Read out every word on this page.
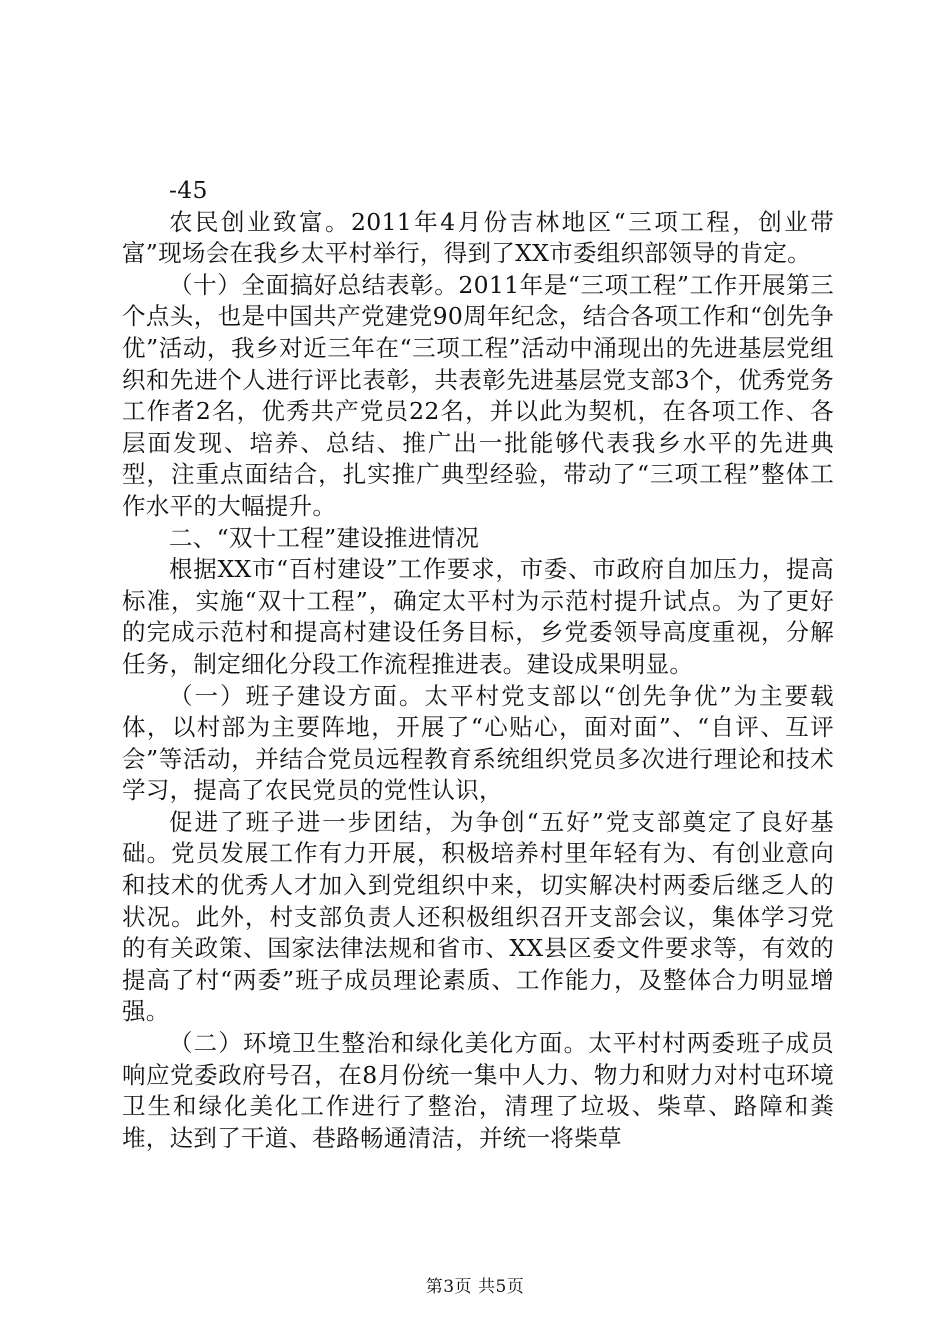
-45

农民创业致富。2011年4月份吉林地区“三项工程，创业带富”现场会在我乡太平村举行，得到了XX市委组织部领导的肯定。

（十）全面搞好总结表彰。2011年是“三项工程”工作开展第三个点头，也是中国共产党建党90周年纪念，结合各项工作和“创先争优”活动，我乡对近三年在“三项工程”活动中涌现出的先进基层党组织和先进个人进行评比表彰，共表彰先进基层党支部3个，优秀党务工作者2名，优秀共产党员22名，并以此为契机，在各项工作、各层面发现、培养、总结、推广出一批能够代表我乡水平的先进典型，注重点面结合，扎实推广典型经验，带动了“三项工程”整体工作水平的大幅提升。

二、“双十工程”建设推进情况

根据XX市“百村建设”工作要求，市委、市政府自加压力，提高标准，实施“双十工程”，确定太平村为示范村提升试点。为了更好的完成示范村和提高村建设任务目标，乡党委领导高度重视，分解任务，制定细化分段工作流程推进表。建设成果明显。

（一）班子建设方面。太平村党支部以“创先争优”为主要载体，以村部为主要阵地，开展了“心贴心，面对面”、“自评、互评会”等活动，并结合党员远程教育系统组织党员多次进行理论和技术学习，提高了农民党员的党性认识，

促进了班子进一步团结，为争创“五好”党支部奠定了良好基础。党员发展工作有力开展，积极培养村里年轻有为、有创业意向和技术的优秀人才加入到党组织中来，切实解决村两委后继乏人的状况。此外，村支部负责人还积极组织召开支部会议，集体学习党的有关政策、国家法律法规和省市、XX县区委文件要求等，有效的提高了村“两委”班子成员理论素质、工作能力，及整体合力明显增强。

（二）环境卫生整治和绿化美化方面。太平村村两委班子成员响应党委政府号召，在8月份统一集中人力、物力和财力对村屯环境卫生和绿化美化工作进行了整治，清理了垃圾、柴草、路障和粪堆，达到了干道、巷路畅通清洁，并统一将柴草

第3页 共5页
